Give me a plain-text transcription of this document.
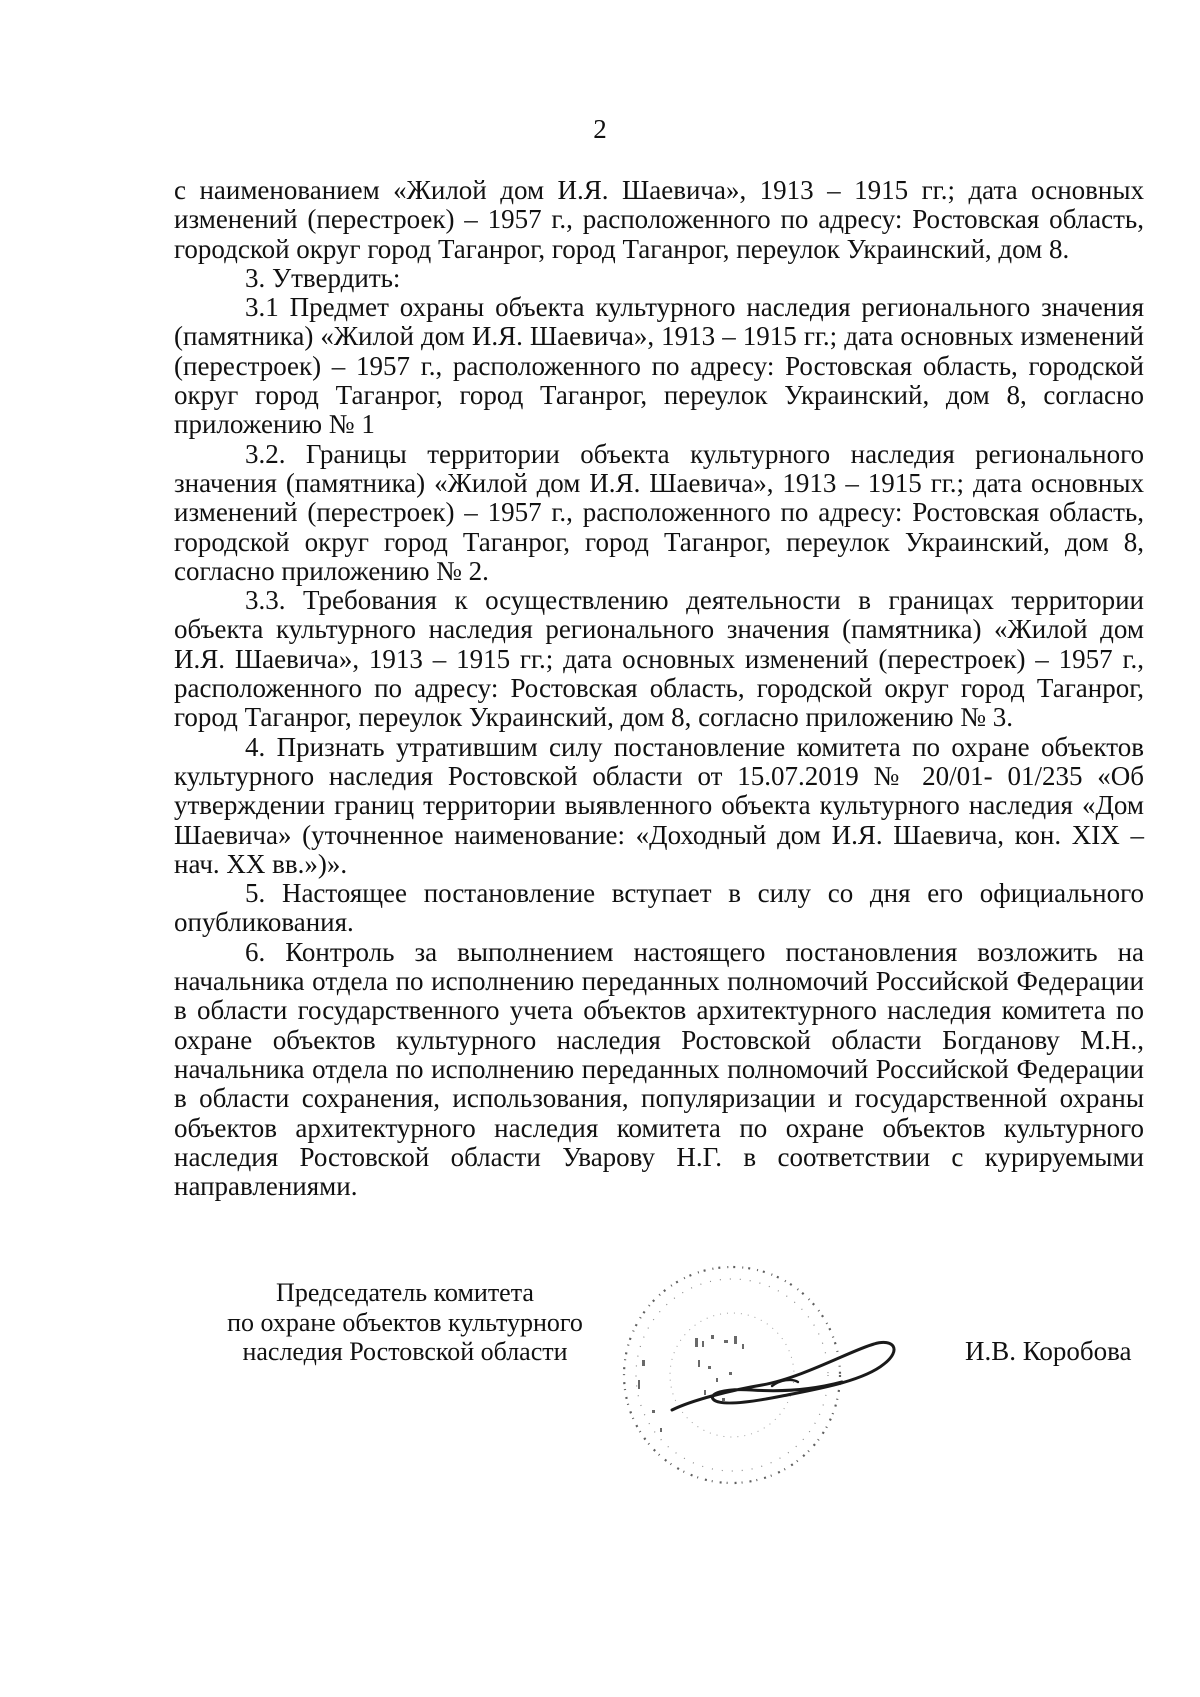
2

с наименованием «Жилой дом И.Я. Шаевича», 1913 – 1915 гг.; дата основных изменений (перестроек) – 1957 г., расположенного по адресу: Ростовская область, городской округ город Таганрог, город Таганрог, переулок Украинский, дом 8.

3. Утвердить:

3.1 Предмет охраны объекта культурного наследия регионального значения (памятника) «Жилой дом И.Я. Шаевича», 1913 – 1915 гг.; дата основных изменений (перестроек) – 1957 г., расположенного по адресу: Ростовская область, городской округ город Таганрог, город Таганрог, переулок Украинский, дом 8, согласно приложению № 1

3.2. Границы территории объекта культурного наследия регионального значения (памятника) «Жилой дом И.Я. Шаевича», 1913 – 1915 гг.; дата основных изменений (перестроек) – 1957 г., расположенного по адресу: Ростовская область, городской округ город Таганрог, город Таганрог, переулок Украинский, дом 8, согласно приложению № 2.

3.3. Требования к осуществлению деятельности в границах территории объекта культурного наследия регионального значения (памятника) «Жилой дом И.Я. Шаевича», 1913 – 1915 гг.; дата основных изменений (перестроек) – 1957 г., расположенного по адресу: Ростовская область, городской округ город Таганрог, город Таганрог, переулок Украинский, дом 8, согласно приложению № 3.

4. Признать утратившим силу постановление комитета по охране объектов культурного наследия Ростовской области от 15.07.2019 № 20/01- 01/235 «Об утверждении границ территории выявленного объекта культурного наследия «Дом Шаевича» (уточненное наименование: «Доходный дом И.Я. Шаевича, кон. XIX – нач. XX вв.»)».

5. Настоящее постановление вступает в силу со дня его официального опубликования.

6. Контроль за выполнением настоящего постановления возложить на начальника отдела по исполнению переданных полномочий Российской Федерации в области государственного учета объектов архитектурного наследия комитета по охране объектов культурного наследия Ростовской области Богданову М.Н., начальника отдела по исполнению переданных полномочий Российской Федерации в области сохранения, использования, популяризации и государственной охраны объектов архитектурного наследия комитета по охране объектов культурного наследия Ростовской области Уварову Н.Г. в соответствии с курируемыми направлениями.

Председатель комитета
по охране объектов культурного
наследия Ростовской области	И.В. Коробова
